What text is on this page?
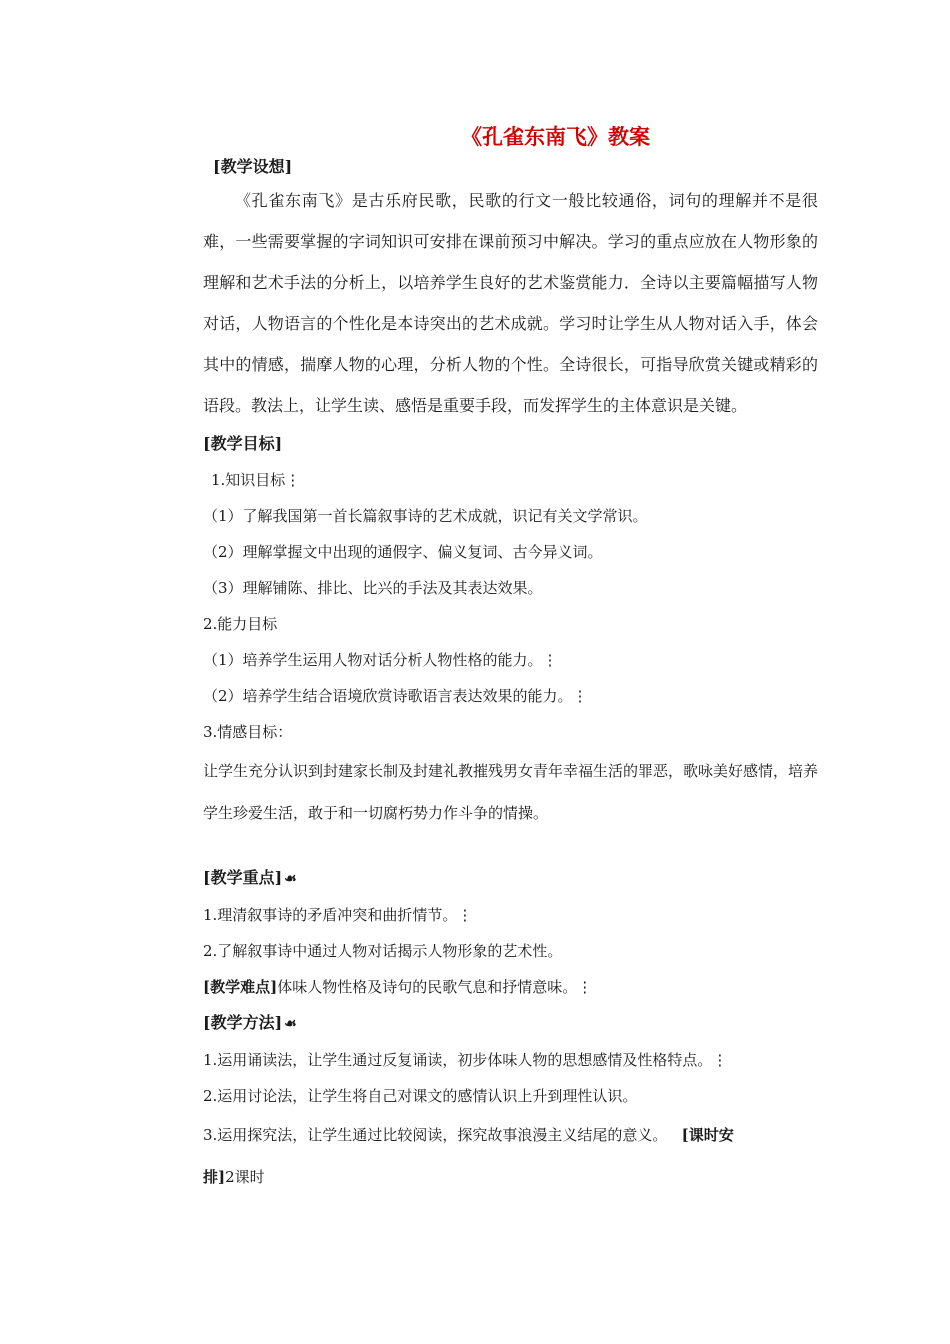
《孔雀东南飞》教案

[教学设想]

《孔雀东南飞》是古乐府民歌，民歌的行文一般比较通俗，词句的理解并不是很难，一些需要掌握的字词知识可安排在课前预习中解决。学习的重点应放在人物形象的理解和艺术手法的分析上，以培养学生良好的艺术鉴赏能力．全诗以主要篇幅描写人物对话，人物语言的个性化是本诗突出的艺术成就。学习时让学生从人物对话入手，体会其中的情感，揣摩人物的心理，分析人物的个性。全诗很长，可指导欣赏关键或精彩的语段。教法上，让学生读、感悟是重要手段，而发挥学生的主体意识是关键。

[教学目标]

1.知识目标⋮

（1）了解我国第一首长篇叙事诗的艺术成就，识记有关文学常识。

（2）理解掌握文中出现的通假字、偏义复词、古今异义词。

（3）理解铺陈、排比、比兴的手法及其表达效果。

2.能力目标

（1）培养学生运用人物对话分析人物性格的能力。⋮

（2）培养学生结合语境欣赏诗歌语言表达效果的能力。⋮

3.情感目标：

让学生充分认识到封建家长制及封建礼教摧残男女青年幸福生活的罪恶，歌咏美好感情，培养学生珍爱生活，敢于和一切腐朽势力作斗争的情操。

[教学重点] ☙

1.理清叙事诗的矛盾冲突和曲折情节。⋮

2.了解叙事诗中通过人物对话揭示人物形象的艺术性。

[教学难点]体味人物性格及诗句的民歌气息和抒情意味。⋮

[教学方法] ☙

1.运用诵读法，让学生通过反复诵读，初步体味人物的思想感情及性格特点。⋮

2.运用讨论法，让学生将自己对课文的感情认识上升到理性认识。

3.运用探究法，让学生通过比较阅读，探究故事浪漫主义结尾的意义。 [课时安

排]2课时
